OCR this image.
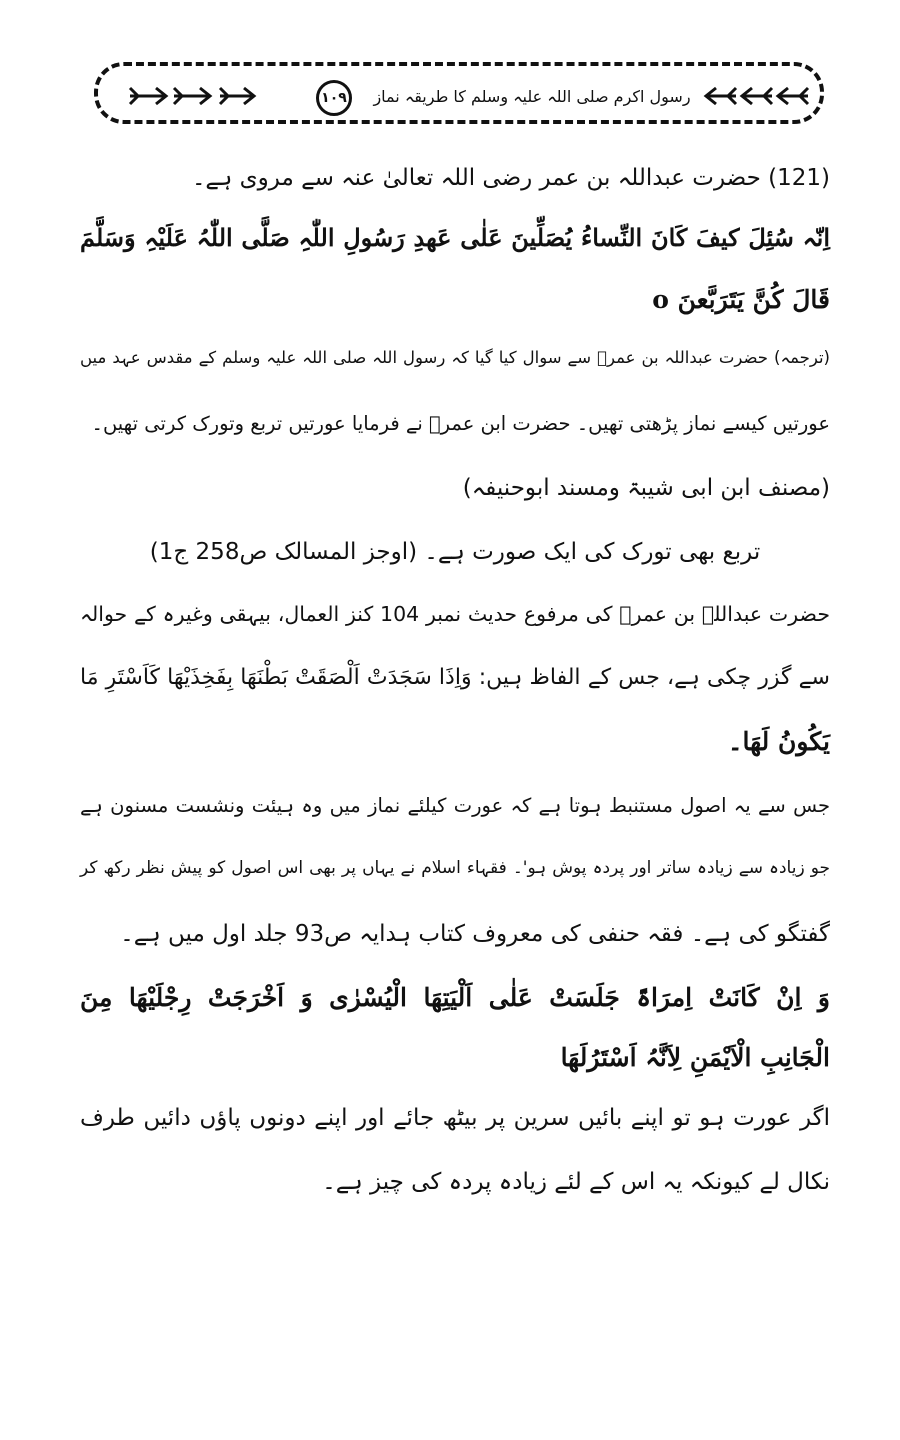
۱۰۹	رسول اکرم صلی اللہ علیہ وسلم کا طریقہ نماز
(121) حضرت عبداللہ بن عمر رضی اللہ تعالیٰ عنہ سے مروی ہے۔
اِنّہ سُئِلَ کیفَ کَانَ النِّساءُ یُصَلِّینَ عَلٰی عَھدِ رَسُولِ اللّٰہِ صَلَّی اللّٰہُ عَلَیْہِ وَسَلَّمَ
قَالَ کُنَّ یَتَرَبَّعنَ o
(ترجمہ) حضرت عبداللہ بن عمرؓ سے سوال کیا گیا کہ رسول اللہ صلی اللہ علیہ وسلم کے مقدس عہد میں
عورتیں کیسے نماز پڑھتی تھیں۔ حضرت ابن عمرؓ نے فرمایا عورتیں تربع وتورک کرتی تھیں۔
(مصنف ابن ابی شیبۃ ومسند ابوحنیفہ)
تربع بھی تورک کی ایک صورت ہے۔ (اوجز المسالک ص258 ج1)
حضرت عبداللہ بن عمرؓ کی مرفوع حدیث نمبر 104 کنز العمال، بیہقی وغیرہ کے حوالہ
سے گزر چکی ہے، جس کے الفاظ ہیں: وَاِذَا سَجَدَتْ اَلْصَقَتْ بَطْنَھَا بِفَخِذَیْھَا کَاَسْتَرِ مَا
یَکُونُ لَھَا۔
جس سے یہ اصول مستنبط ہوتا ہے کہ عورت کیلئے نماز میں وہ ہیئت ونشست مسنون ہے
جو زیادہ سے زیادہ ساتر اور پردہ پوش ہو'۔ فقہاء اسلام نے یہاں پر بھی اس اصول کو پیش نظر رکھ کر
گفتگو کی ہے۔ فقہ حنفی کی معروف کتاب ہدایہ ص93 جلد اول میں ہے۔
وَ اِنْ کَانَتْ اِمرَاۃً جَلَسَتْ عَلٰی اَلْیَتِھَا الْیُسْرٰی وَ اَخْرَجَتْ رِجْلَیْھَا مِنَ
الْجَانِبِ الْاَیْمَنِ لِاَنَّہُ اَسْتَرُلَھَا
اگر عورت ہو تو اپنے بائیں سرین پر بیٹھ جائے اور اپنے دونوں پاؤں دائیں طرف
نکال لے کیونکہ یہ اس کے لئے زیادہ پردہ کی چیز ہے۔
